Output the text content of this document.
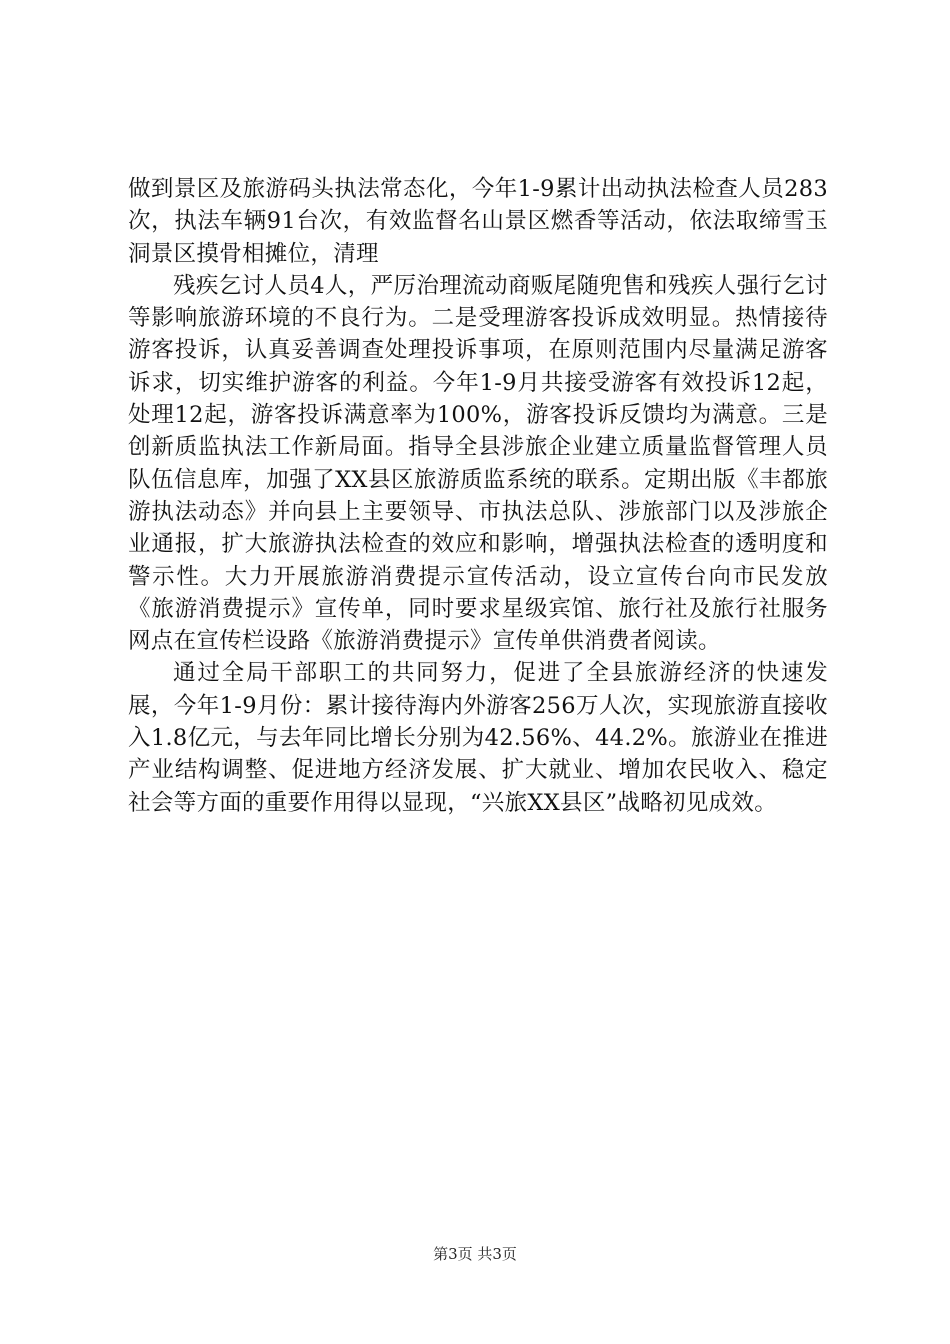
做到景区及旅游码头执法常态化，今年1-9累计出动执法检查人员283次，执法车辆91台次，有效监督名山景区燃香等活动，依法取缔雪玉洞景区摸骨相摊位，清理

残疾乞讨人员4人，严厉治理流动商贩尾随兜售和残疾人强行乞讨等影响旅游环境的不良行为。二是受理游客投诉成效明显。热情接待游客投诉，认真妥善调查处理投诉事项，在原则范围内尽量满足游客诉求，切实维护游客的利益。今年1-9月共接受游客有效投诉12起，处理12起，游客投诉满意率为100%，游客投诉反馈均为满意。三是创新质监执法工作新局面。指导全县涉旅企业建立质量监督管理人员队伍信息库，加强了XX县区旅游质监系统的联系。定期出版《丰都旅游执法动态》并向县上主要领导、市执法总队、涉旅部门以及涉旅企业通报，扩大旅游执法检查的效应和影响，增强执法检查的透明度和警示性。大力开展旅游消费提示宣传活动，设立宣传台向市民发放《旅游消费提示》宣传单，同时要求星级宾馆、旅行社及旅行社服务网点在宣传栏设路《旅游消费提示》宣传单供消费者阅读。

通过全局干部职工的共同努力，促进了全县旅游经济的快速发展，今年1-9月份：累计接待海内外游客256万人次，实现旅游直接收入1.8亿元，与去年同比增长分别为42.56%、44.2%。旅游业在推进产业结构调整、促进地方经济发展、扩大就业、增加农民收入、稳定社会等方面的重要作用得以显现，“兴旅XX县区”战略初见成效。

第3页 共3页
